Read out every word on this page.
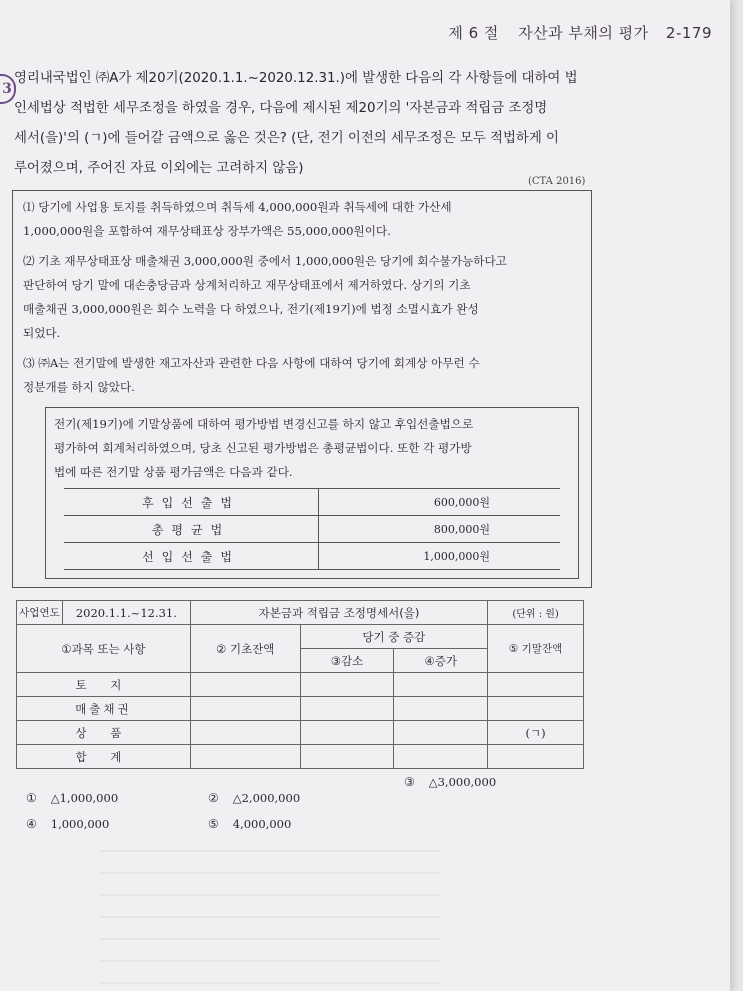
제 6 절 자산과 부채의 평가 2-179
3

영리내국법인 ㈜A가 제20기(2020.1.1.~2020.12.31.)에 발생한 다음의 각 사항들에 대하여 법

인세법상 적법한 세무조정을 하였을 경우, 다음에 제시된 제20기의 '자본금과 적립금 조정명

세서(을)'의 (ㄱ)에 들어갈 금액으로 옳은 것은? (단, 전기 이전의 세무조정은 모두 적법하게 이

루어졌으며, 주어진 자료 이외에는 고려하지 않음)

(CTA 2016)

⑴ 당기에 사업용 토지를 취득하였으며 취득세 4,000,000원과 취득세에 대한 가산세

1,000,000원을 포함하여 재무상태표상 장부가액은 55,000,000원이다.

⑵ 기초 재무상태표상 매출채권 3,000,000원 중에서 1,000,000원은 당기에 회수불가능하다고

판단하여 당기 말에 대손충당금과 상계처리하고 재무상태표에서 제거하였다. 상기의 기초

매출채권 3,000,000원은 회수 노력을 다 하였으나, 전기(제19기)에 법정 소멸시효가 완성

되었다.

⑶ ㈜A는 전기말에 발생한 재고자산과 관련한 다음 사항에 대하여 당기에 회계상 아무런 수

정분개를 하지 않았다.

전기(제19기)에 기말상품에 대하여 평가방법 변경신고를 하지 않고 후입선출법으로

평가하여 회계처리하였으며, 당초 신고된 평가방법은 총평균법이다. 또한 각 평가방

법에 따른 전기말 상품 평가금액은 다음과 같다.

후입선출법	600,000원
총평균법	800,000원
선입선출법	1,000,000원
사업연도	2020.1.1.~12.31.	자본금과 적립금 조정명세서(을)			(단위 : 원)
①과목 또는 사항		② 기초잔액	당기 중 증감		⑤ 기말잔액
			③감소	④증가	
토 지					
매출채권					
상 품					(ㄱ)
합 계					
① △1,000,000	② △2,000,000
③ △3,000,000
④ 1,000,000	⑤ 4,000,000
